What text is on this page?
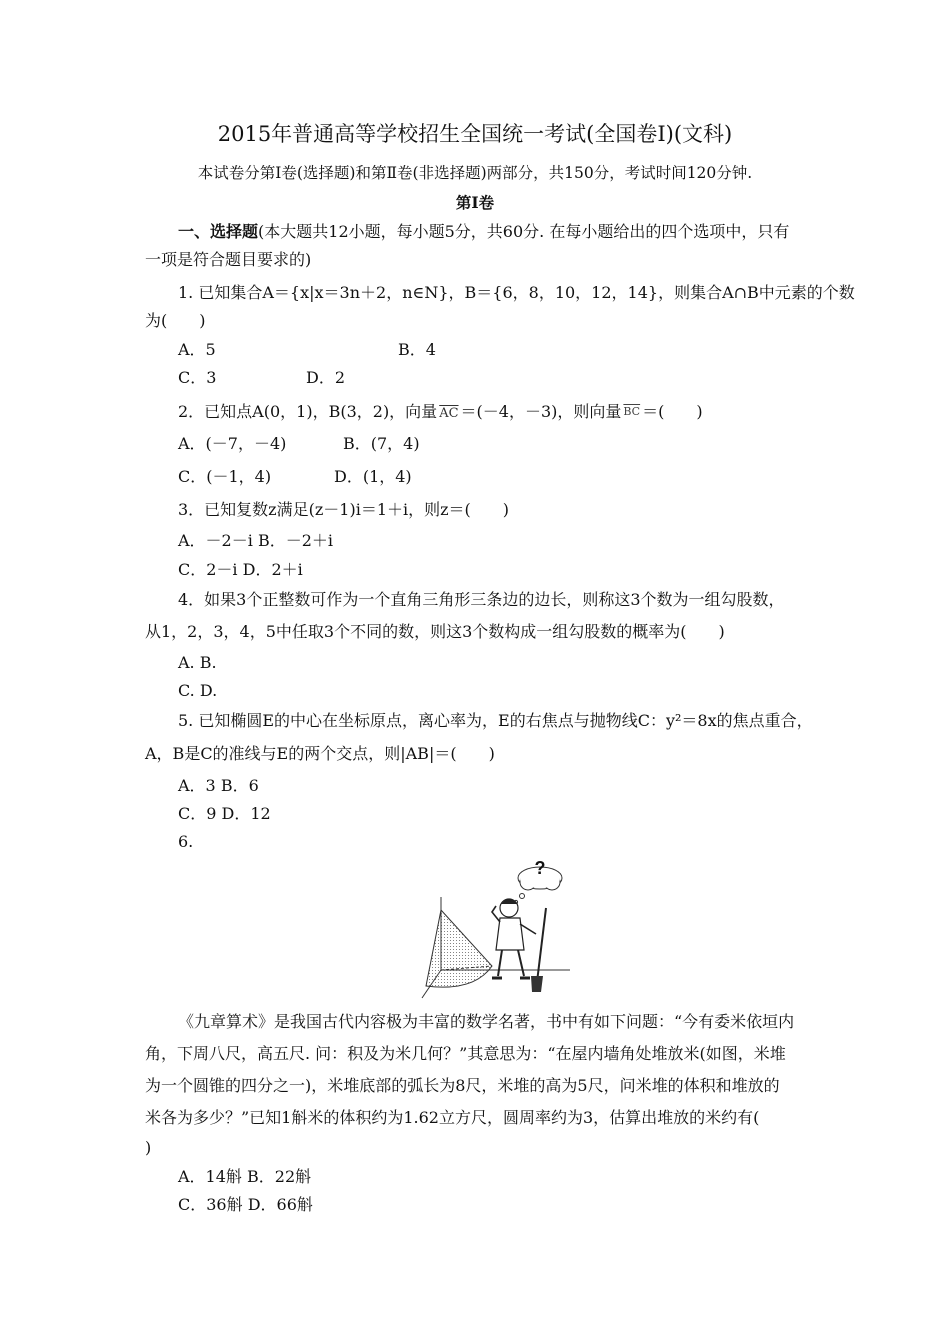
2015年普通高等学校招生全国统一考试(全国卷Ⅰ)(文科)

本试卷分第Ⅰ卷(选择题)和第Ⅱ卷(非选择题)两部分，共150分，考试时间120分钟.

第Ⅰ卷

一、选择题(本大题共12小题，每小题5分，共60分. 在每小题给出的四个选项中，只有

一项是符合题目要求的)

1. 已知集合A＝{x|x＝3n＋2，n∈N}，B＝{6，8，10，12，14}，则集合A∩B中元素的个数

为(　　)

A．5	B．4

C．3	D．2

2．已知点A(0，1)，B(3，2)，向量 $\overline{AC} =(-4$，－3)，则向量 $\overline{BC}$ ＝(　　)

A．(－7，－4)	B．(7，4)

C．(－1，4)	D．(1，4)

3．已知复数z满足(z－1)i＝1＋i，则z＝(　　)

A．－2－i B．－2＋i

C．2－i D．2＋i

4．如果3个正整数可作为一个直角三角形三条边的边长，则称这3个数为一组勾股数，

从1，2，3，4，5中任取3个不同的数，则这3个数构成一组勾股数的概率为(　　)

A. B.

C. D.

5. 已知椭圆E的中心在坐标原点，离心率为，E的右焦点与抛物线C：y²＝8x的焦点重合，

A，B是C的准线与E的两个交点，则|AB|＝(　　)

A．3 B．6

C．9 D．12

6.

?

《九章算术》是我国古代内容极为丰富的数学名著，书中有如下问题：“今有委米依垣内

角，下周八尺，高五尺. 问：积及为米几何？”其意思为：“在屋内墙角处堆放米(如图，米堆

为一个圆锥的四分之一)，米堆底部的弧长为8尺，米堆的高为5尺，问米堆的体积和堆放的

米各为多少？”已知1斛米的体积约为1.62立方尺，圆周率约为3，估算出堆放的米约有(

)

A．14斛 B．22斛

C．36斛 D．66斛
